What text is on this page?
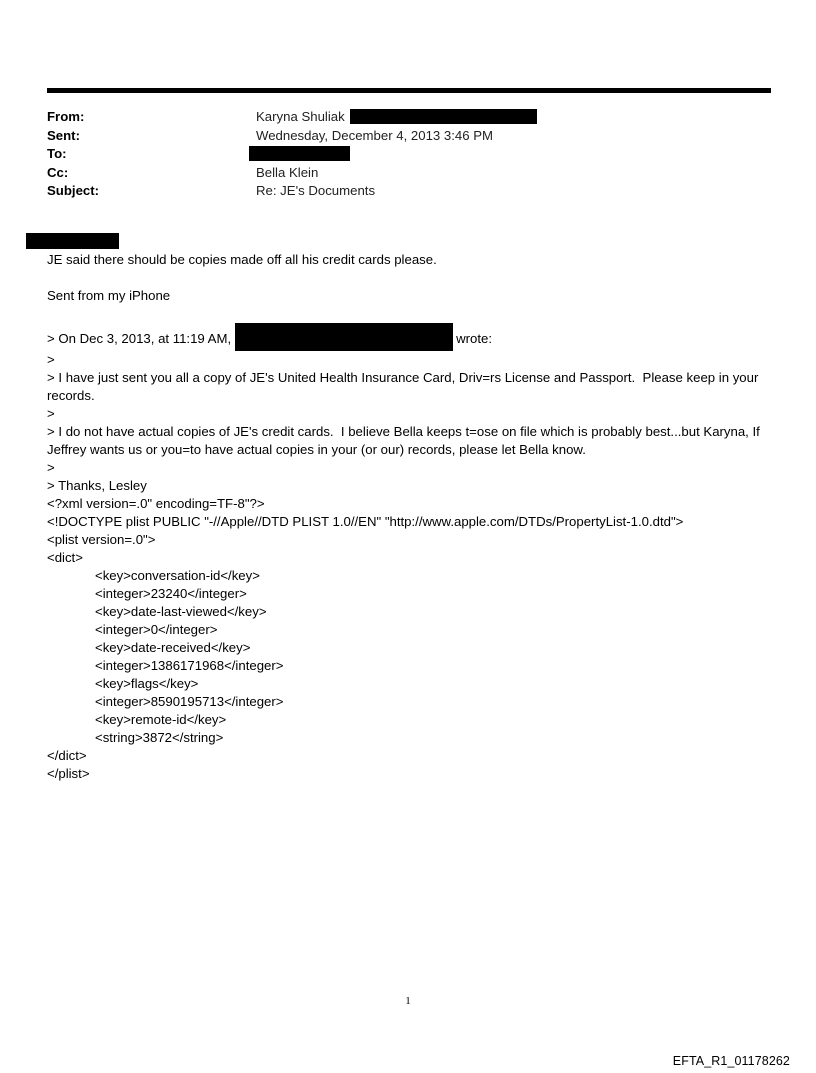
From:	Karyna Shuliak
Sent:	Wednesday, December 4, 2013 3:46 PM
To:
Cc:	Bella Klein
Subject:	Re: JE's Documents
JE said there should be copies made off all his credit cards please.
Sent from my iPhone
> On Dec 3, 2013, at 11:19 AM,	wrote:
>
> I have just sent you all a copy of JE's United Health Insurance Card, Driv=rs License and Passport.  Please keep in your records.
>
> I do not have actual copies of JE's credit cards.  I believe Bella keeps t=ose on file which is probably best...but Karyna, If Jeffrey wants us or you=to have actual copies in your (or our) records, please let Bella know.
>
> Thanks, Lesley
<?xml version=.0" encoding=TF-8"?>
<!DOCTYPE plist PUBLIC "-//Apple//DTD PLIST 1.0//EN" "http://www.apple.com/DTDs/PropertyList-1.0.dtd">
<plist version=.0">
<dict>
<key>conversation-id</key>
<integer>23240</integer>
<key>date-last-viewed</key>
<integer>0</integer>
<key>date-received</key>
<integer>1386171968</integer>
<key>flags</key>
<integer>8590195713</integer>
<key>remote-id</key>
<string>3872</string>
</dict>
</plist>
1
EFTA_R1_01178262
